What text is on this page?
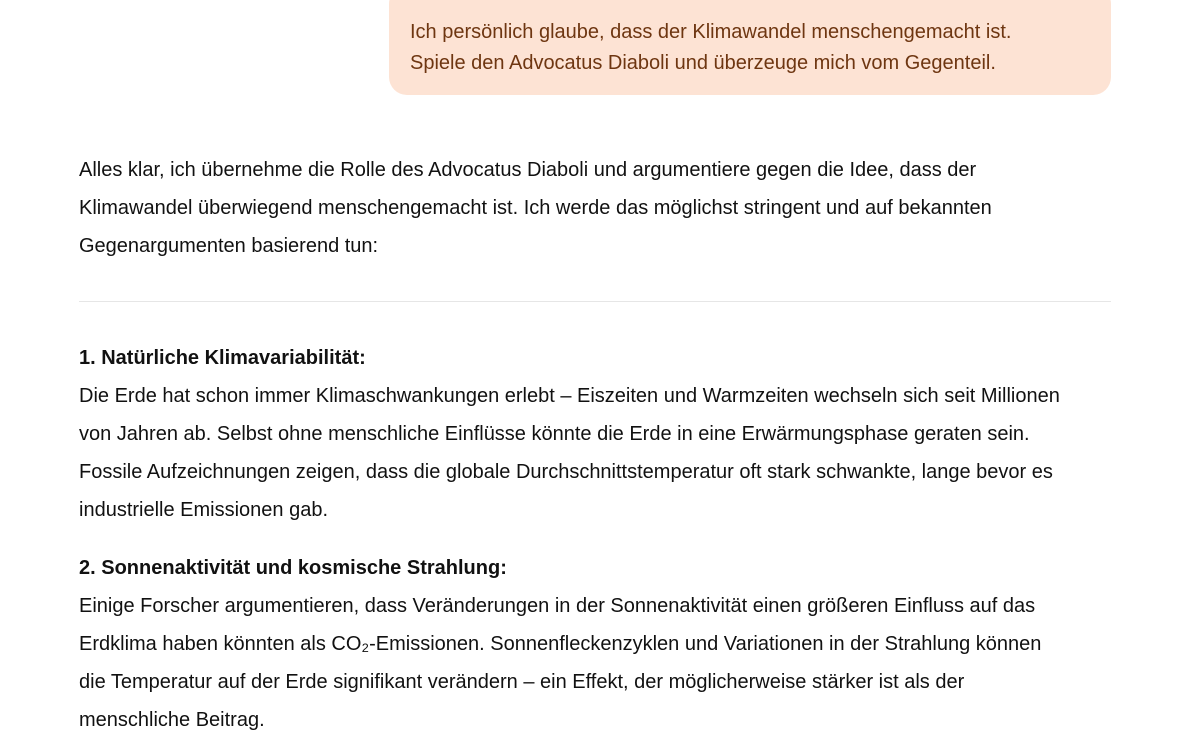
Ich persönlich glaube, dass der Klimawandel menschengemacht ist.

Spiele den Advocatus Diaboli und überzeuge mich vom Gegenteil.

Alles klar, ich übernehme die Rolle des Advocatus Diaboli und argumentiere gegen die Idee, dass der

Klimawandel überwiegend menschengemacht ist. Ich werde das möglichst stringent und auf bekannten

Gegenargumenten basierend tun:

1. Natürliche Klimavariabilität:

Die Erde hat schon immer Klimaschwankungen erlebt – Eiszeiten und Warmzeiten wechseln sich seit Millionen

von Jahren ab. Selbst ohne menschliche Einflüsse könnte die Erde in eine Erwärmungsphase geraten sein.

Fossile Aufzeichnungen zeigen, dass die globale Durchschnittstemperatur oft stark schwankte, lange bevor es

industrielle Emissionen gab.

2. Sonnenaktivität und kosmische Strahlung:

Einige Forscher argumentieren, dass Veränderungen in der Sonnenaktivität einen größeren Einfluss auf das

Erdklima haben könnten als CO₂-Emissionen. Sonnenfleckenzyklen und Variationen in der Strahlung können

die Temperatur auf der Erde signifikant verändern – ein Effekt, der möglicherweise stärker ist als der

menschliche Beitrag.
